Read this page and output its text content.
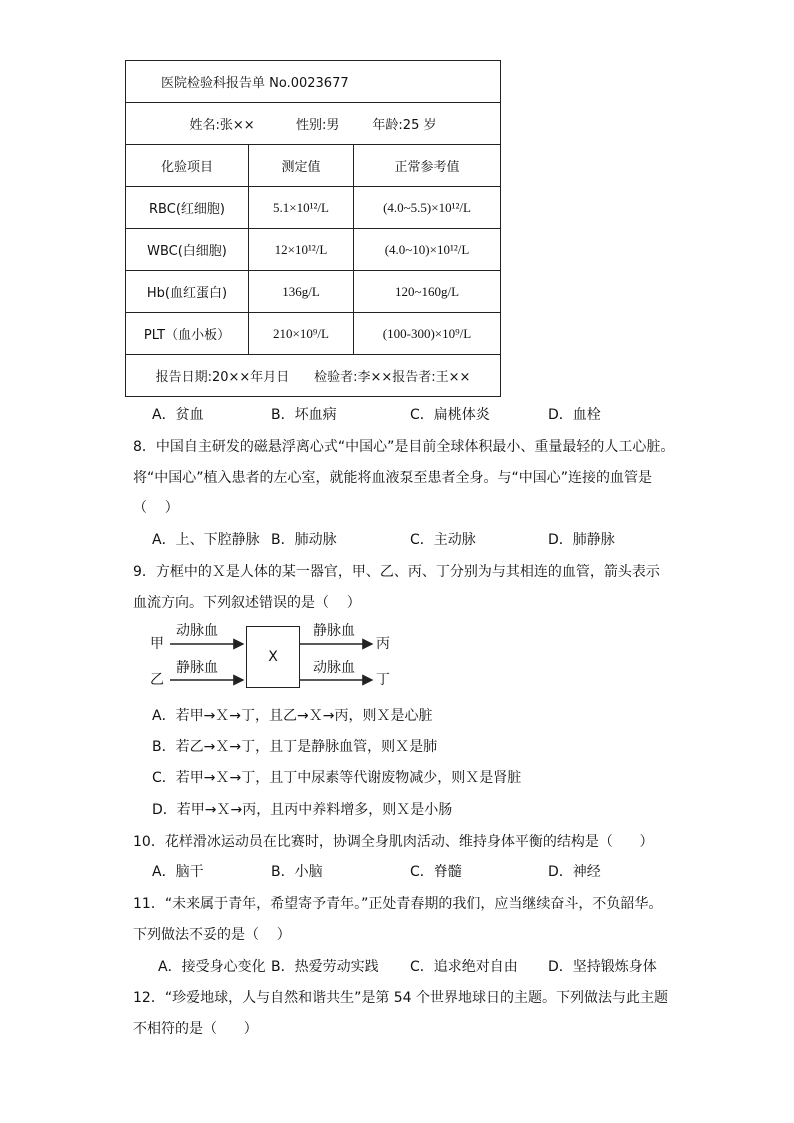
医院检验科报告单 No.0023677		
姓名:张××          性别:男        年龄:25 岁		
化验项目	测定值	正常参考值
RBC(红细胞)	5.1×10¹²/L	(4.0~5.5)×10¹²/L
WBC(白细胞)	12×10¹²/L	(4.0~10)×10¹²/L
Hb(血红蛋白)	136g/L	120~160g/L
PLT（血小板）	210×10⁹/L	(100-300)×10⁹/L
报告日期:20××年月日      检验者:李××报告者:王××		
A．贫血	B．坏血病	C．扁桃体炎	D．血栓
8．中国自主研发的磁悬浮离心式“中国心”是目前全球体积最小、重量最轻的人工心脏。
将“中国心”植入患者的左心室，就能将血液泵至患者全身。与“中国心”连接的血管是
（    ）
A．上、下腔静脉 B．肺动脉	C．主动脉	D．肺静脉
9．方框中的Ｘ是人体的某一器官，甲、乙、丙、丁分别为与其相连的血管，箭头表示
血流方向。下列叙述错误的是（    ）
甲
乙
丙
丁
动脉血
静脉血
静脉血
动脉血
X
A．若甲→Ｘ→丁，且乙→Ｘ→丙，则Ｘ是心脏
B．若乙→Ｘ→丁，且丁是静脉血管，则Ｘ是肺
C．若甲→Ｘ→丁，且丁中尿素等代谢废物减少，则Ｘ是肾脏
D．若甲→Ｘ→丙，且丙中养料增多，则Ｘ是小肠
10．花样滑冰运动员在比赛时，协调全身肌肉活动、维持身体平衡的结构是（      ）
A．脑干	B．小脑	C．脊髓	D．神经
11．“未来属于青年，希望寄予青年。”正处青春期的我们，应当继续奋斗，不负韶华。
下列做法不妥的是（    ）
A．接受身心变化 B．热爱劳动实践 C．追求绝对自由 D．坚持锻炼身体
12．“珍爱地球，人与自然和谐共生”是第 54 个世界地球日的主题。下列做法与此主题
不相符的是（      ）
